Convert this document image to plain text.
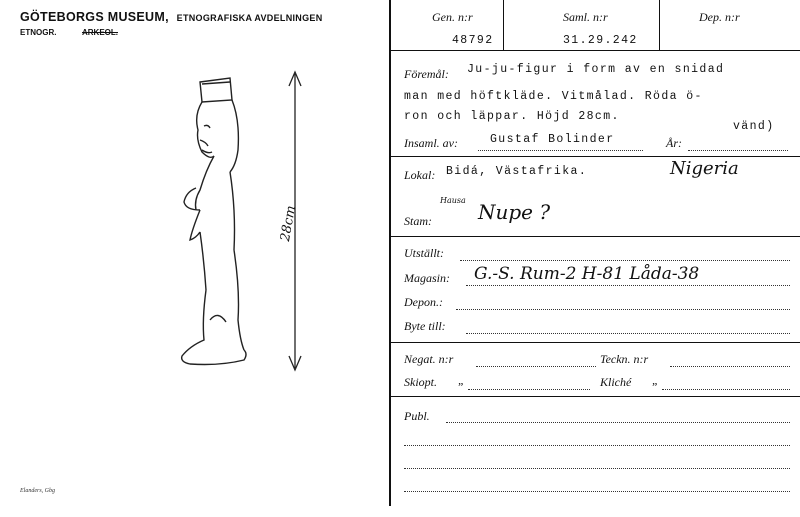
GÖTEBORGS MUSEUM, ETNOGRAFISKA AVDELNINGEN
ETNOGR.	ARKEOL.
28cm
Elanders, Gbg
Gen. n:r	Saml. n:r	Dep. n:r
48792	31.29.242
Föremål: Ju-ju-figur i form av en snidad
man med höftkläde. Vitmålad. Röda ö-
ron och läppar. Höjd 28cm.
vänd)
Insaml. av:	Gustaf Bolinder	År:
Lokal: Bidá, Västafrika.	Nigeria
Hausa
Stam: Nupe ?
Utställt:
Magasin: G.-S. Rum-2 H-81 Låda-38
Depon.:
Byte till:
Negat. n:r	Teckn. n:r
Skiopt. „	Kliché „
Publ.
